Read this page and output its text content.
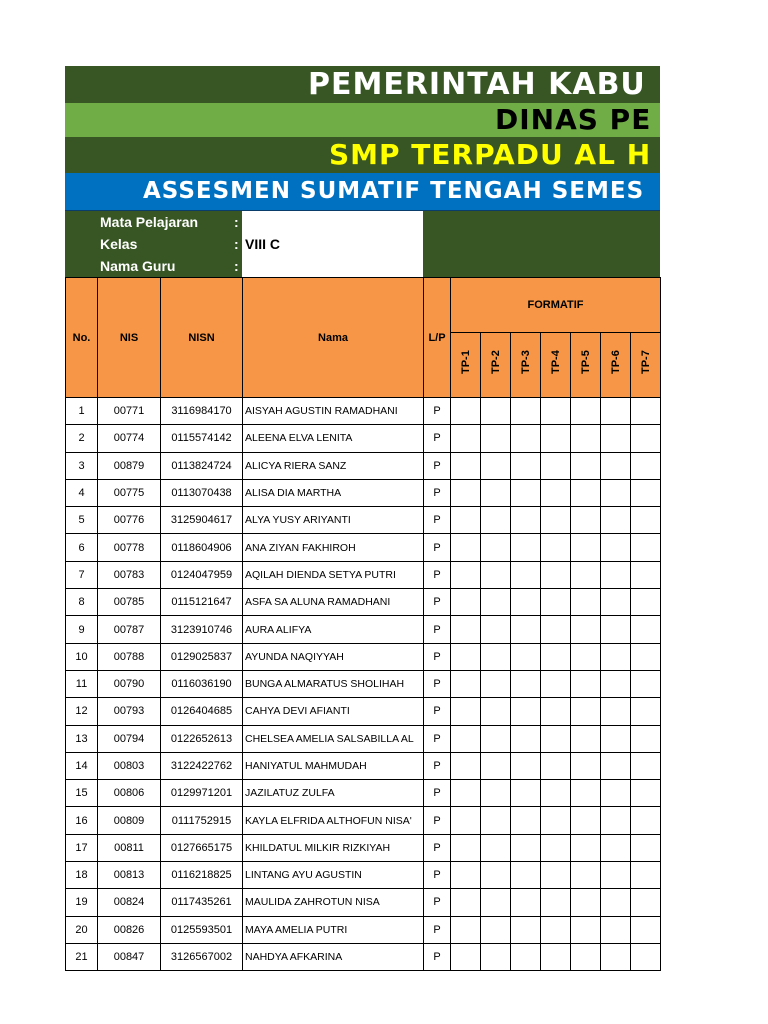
PEMERINTAH KABU
DINAS PE
SMP TERPADU AL H
ASSESMEN SUMATIF TENGAH SEMES
Mata Pelajaran	:
Kelas	: VIII C
Nama Guru	:
No.	NIS	NISN	Nama	L/P	FORMATIF						

					TP-1	TP-2	TP-3	TP-4	TP-5	TP-6	TP-7

1	00771	3116984170	AISYAH AGUSTIN RAMADHANI	P							
2	00774	0115574142	ALEENA ELVA LENITA	P							
3	00879	0113824724	ALICYA RIERA SANZ	P							
4	00775	0113070438	ALISA DIA MARTHA	P							
5	00776	3125904617	ALYA YUSY ARIYANTI	P							
6	00778	0118604906	ANA ZIYAN FAKHIROH	P							
7	00783	0124047959	AQILAH DIENDA SETYA PUTRI	P							
8	00785	0115121647	ASFA SA ALUNA RAMADHANI	P							
9	00787	3123910746	AURA ALIFYA	P							
10	00788	0129025837	AYUNDA NAQIYYAH	P							
11	00790	0116036190	BUNGA ALMARATUS SHOLIHAH	P							
12	00793	0126404685	CAHYA DEVI AFIANTI	P							
13	00794	0122652613	CHELSEA AMELIA SALSABILLA AL	P							
14	00803	3122422762	HANIYATUL MAHMUDAH	P							
15	00806	0129971201	JAZILATUZ ZULFA	P							
16	00809	0111752915	KAYLA ELFRIDA ALTHOFUN NISA'	P							
17	00811	0127665175	KHILDATUL MILKIR RIZKIYAH	P							
18	00813	0116218825	LINTANG AYU AGUSTIN	P							
19	00824	0117435261	MAULIDA ZAHROTUN NISA	P							
20	00826	0125593501	MAYA AMELIA PUTRI	P							
21	00847	3126567002	NAHDYA AFKARINA	P							
